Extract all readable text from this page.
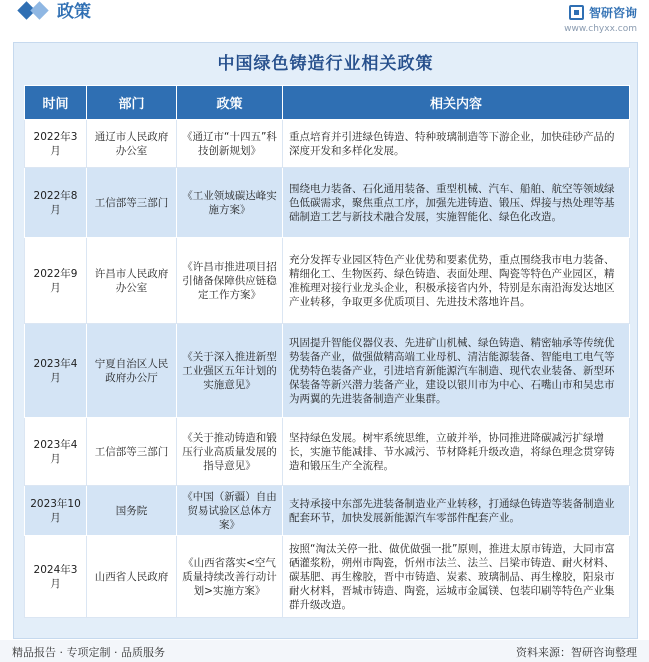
政策	智研咨询
www.chyxx.com
中国绿色铸造行业相关政策
时间	部门	政策	相关内容
2022年3月	通辽市人民政府办公室	《通辽市“十四五”科技创新规划》	重点培育并引进绿色铸造、特种玻璃制造等下游企业，加快硅砂产品的深度开发和多样化发展。
2022年8月	工信部等三部门	《工业领域碳达峰实施方案》	围绕电力装备、石化通用装备、重型机械、汽车、船舶、航空等领域绿色低碳需求，聚焦重点工序，加强先进铸造、锻压、焊接与热处理等基础制造工艺与新技术融合发展，实施智能化、绿色化改造。
2022年9月	许昌市人民政府办公室	《许昌市推进项目招引储备保障供应链稳定工作方案》	充分发挥专业园区特色产业优势和要素优势，重点围绕我市电力装备、精细化工、生物医药、绿色铸造、表面处理、陶瓷等特色产业园区，精准梳理对接行业龙头企业，积极承接省内外，特别是东南沿海发达地区产业转移，争取更多优质项目、先进技术落地许昌。
2023年4月	宁夏自治区人民政府办公厅	《关于深入推进新型工业强区五年计划的实施意见》	巩固提升智能仪器仪表、先进矿山机械、绿色铸造、精密轴承等传统优势装备产业，做强做精高端工业母机、清洁能源装备、智能电工电气等优势特色装备产业，引进培育新能源汽车制造、现代农业装备、新型环保装备等新兴潜力装备产业，建设以银川市为中心、石嘴山市和吴忠市为两翼的先进装备制造产业集群。
2023年4月	工信部等三部门	《关于推动铸造和锻压行业高质量发展的指导意见》	坚持绿色发展。树牢系统思维，立破并举，协同推进降碳减污扩绿增长，实施节能减排、节水减污、节材降耗升级改造，将绿色理念贯穿铸造和锻压生产全流程。
2023年10月	国务院	《中国（新疆）自由贸易试验区总体方案》	支持承接中东部先进装备制造业产业转移，打通绿色铸造等装备制造业配套环节，加快发展新能源汽车零部件配套产业。
2024年3月	山西省人民政府	《山西省落实<空气质量持续改善行动计划>实施方案》	按照“淘汰关停一批、做优做强一批”原则，推进太原市铸造，大同市富硒灌浆粉，朔州市陶瓷，忻州市法兰、法兰、吕梁市铸造、耐火材料、碳基肥、再生橡胶，晋中市铸造、炭素、玻璃制品、再生橡胶，阳泉市耐火材料，晋城市铸造、陶瓷，运城市金属镁、包装印刷等特色产业集群升级改造。
精品报告 · 专项定制 · 品质服务	资料来源：智研咨询整理
